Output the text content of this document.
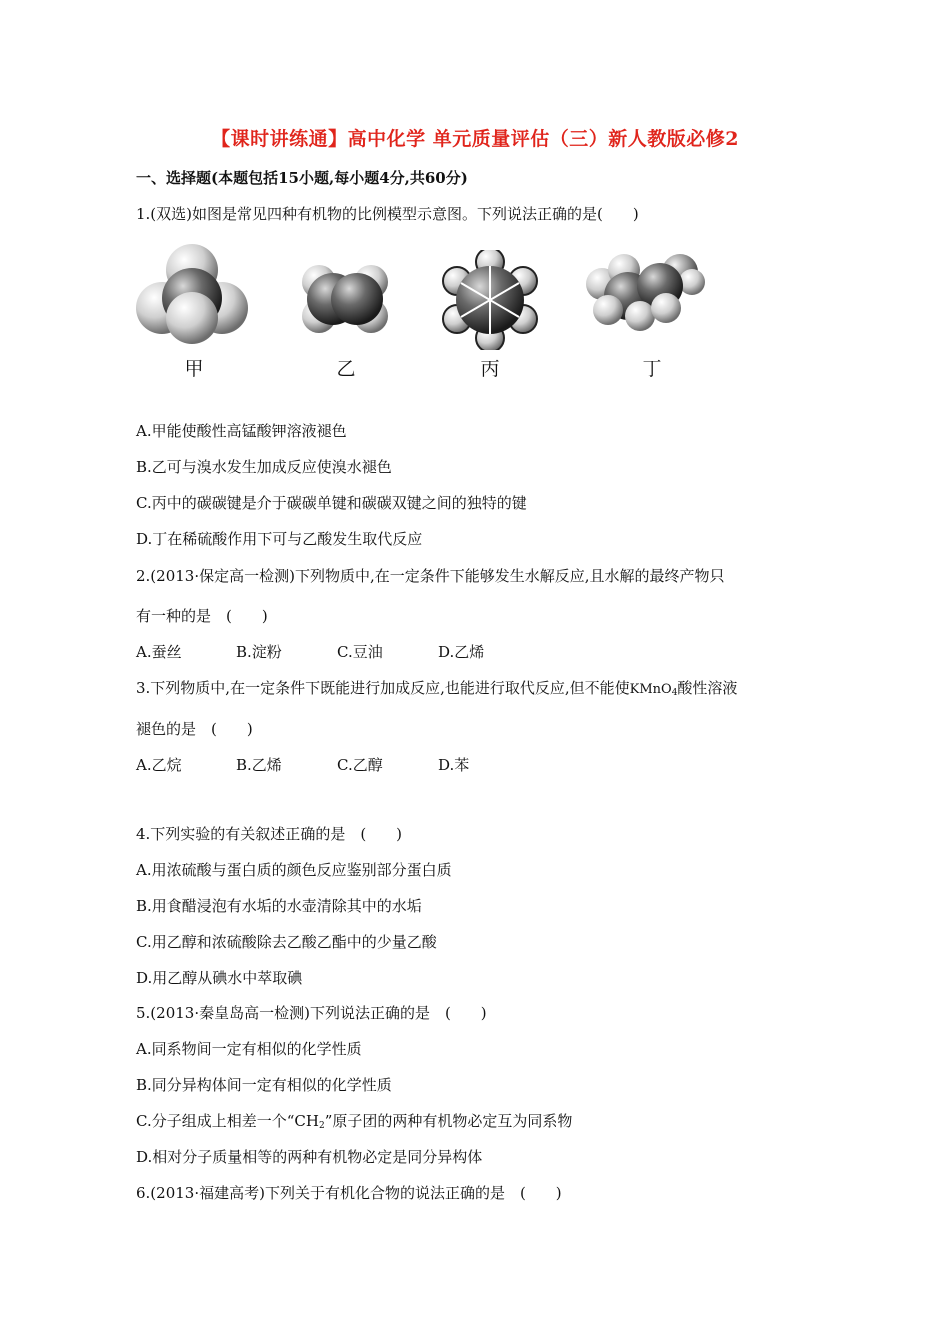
【课时讲练通】高中化学 单元质量评估（三）新人教版必修2
一、选择题(本题包括15小题,每小题4分,共60分)
1.(双选)如图是常见四种有机物的比例模型示意图。下列说法正确的是(　　)
甲	乙	丙	丁
A.甲能使酸性高锰酸钾溶液褪色
B.乙可与溴水发生加成反应使溴水褪色
C.丙中的碳碳键是介于碳碳单键和碳碳双键之间的独特的键
D.丁在稀硫酸作用下可与乙酸发生取代反应
2.(2013·保定高一检测)下列物质中,在一定条件下能够发生水解反应,且水解的最终产物只
有一种的是　(　　)
A.蚕丝	B.淀粉	C.豆油	D.乙烯
3.下列物质中,在一定条件下既能进行加成反应,也能进行取代反应,但不能使KMnO$_4$酸性溶液
褪色的是　(　　)
A.乙烷	B.乙烯	C.乙醇	D.苯
4.下列实验的有关叙述正确的是　(　　)
A.用浓硫酸与蛋白质的颜色反应鉴别部分蛋白质
B.用食醋浸泡有水垢的水壶清除其中的水垢
C.用乙醇和浓硫酸除去乙酸乙酯中的少量乙酸
D.用乙醇从碘水中萃取碘
5.(2013·秦皇岛高一检测)下列说法正确的是　(　　)
A.同系物间一定有相似的化学性质
B.同分异构体间一定有相似的化学性质
C.分子组成上相差一个“$CH_2$”原子团的两种有机物必定互为同系物
D.相对分子质量相等的两种有机物必定是同分异构体
6.(2013·福建高考)下列关于有机化合物的说法正确的是　(　　)
